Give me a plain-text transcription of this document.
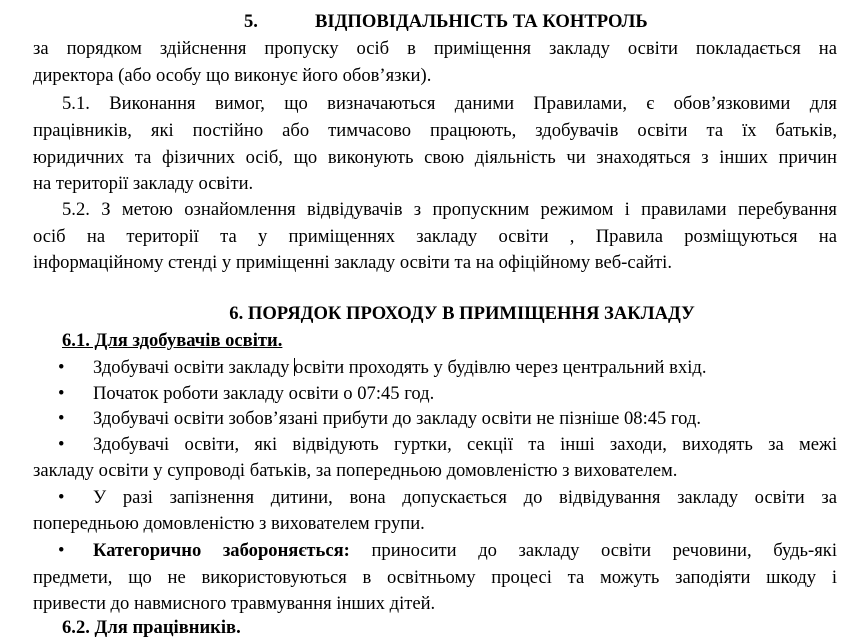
5.	ВІДПОВІДАЛЬНІСТЬ ТА КОНТРОЛЬ
за порядком здійснення пропуску осіб в приміщення закладу освіти покладається на
директора (або особу що виконує його обов’язки).
5.1. Виконання вимог, що визначаються даними Правилами, є обов’язковими для
працівників, які постійно або тимчасово працюють, здобувачів освіти та їх батьків,
юридичних та фізичних осіб, що виконують свою діяльність чи знаходяться з інших причин
на території закладу освіти.
5.2. З метою ознайомлення відвідувачів з пропускним режимом і правилами перебування
осіб на території та у приміщеннях закладу освіти , Правила розміщуються на
інформаційному стенді у приміщенні закладу освіти та на офіційному веб-сайті.
6. ПОРЯДОК ПРОХОДУ В ПРИМІЩЕННЯ ЗАКЛАДУ
6.1. Для здобувачів освіти.
• Здобувачі освіти закладу освіти проходять у будівлю через центральний вхід.
• Початок роботи закладу освіти о 07:45 год.
• Здобувачі освіти зобов’язані прибути до закладу освіти не пізніше 08:45 год.
• Здобувачі освіти, які відвідують гуртки, секції та інші заходи, виходять за межі
закладу освіти у супроводі батьків, за попередньою домовленістю з вихователем.
• У разі запізнення дитини, вона допускається до відвідування закладу освіти за
попередньою домовленістю з вихователем групи.
• Категорично забороняється: приносити до закладу освіти речовини, будь-які
предмети, що не використовуються в освітньому процесі та можуть заподіяти шкоду і
привести до навмисного травмування інших дітей.
6.2. Для працівників.
